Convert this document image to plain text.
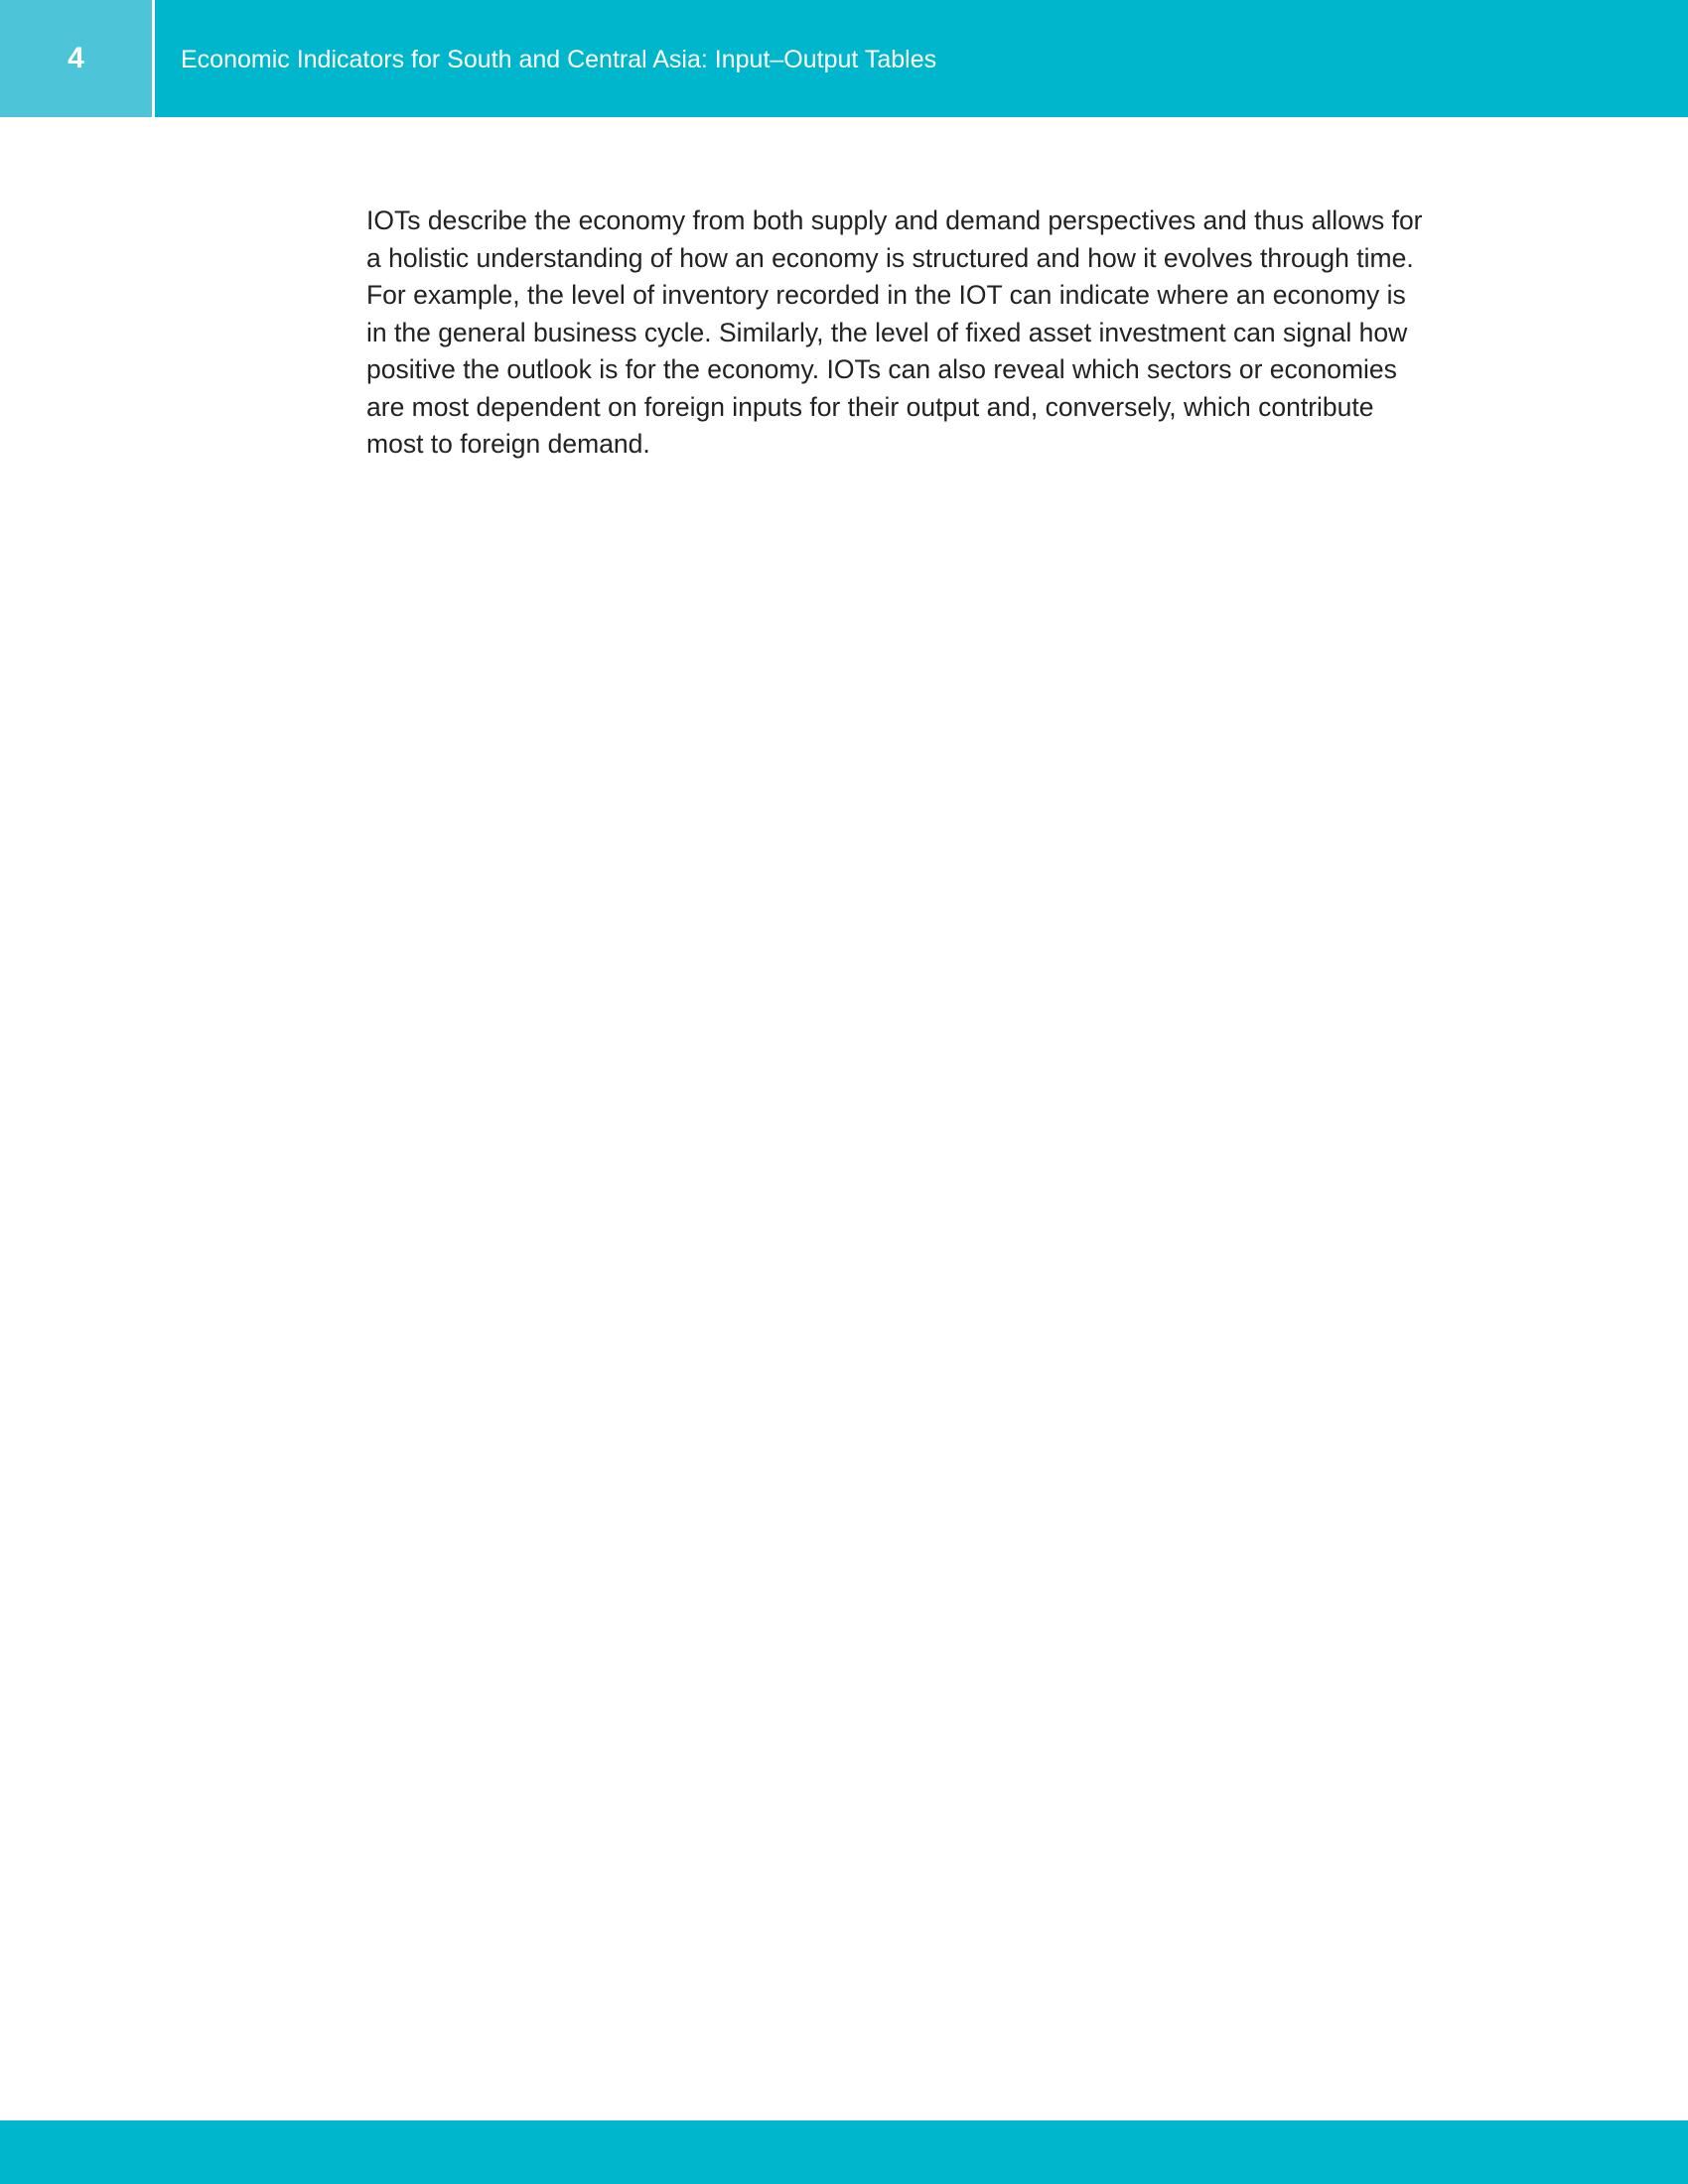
4	Economic Indicators for South and Central Asia: Input–Output Tables
IOTs describe the economy from both supply and demand perspectives and thus allows for
a holistic understanding of how an economy is structured and how it evolves through time.
For example, the level of inventory recorded in the IOT can indicate where an economy is
in the general business cycle. Similarly, the level of fixed asset investment can signal how
positive the outlook is for the economy. IOTs can also reveal which sectors or economies
are most dependent on foreign inputs for their output and, conversely, which contribute
most to foreign demand.
